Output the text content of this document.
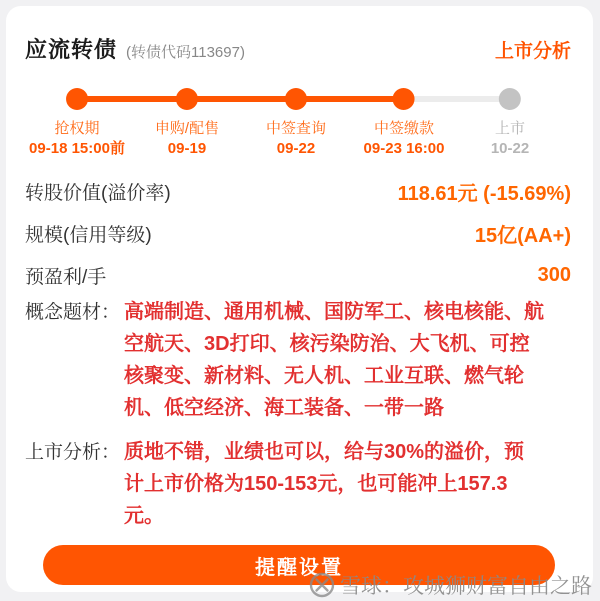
应流转债 (转债代码113697)	上市分析
抢权期
09-18 15:00前
申购/配售
09-19
中签查询
09-22
中签缴款
09-23 16:00
上市
10-22
转股价值(溢价率)	118.61元 (-15.69%)
规模(信用等级)	15亿(AA+)
预盈利/手	300
概念题材： 高端制造、通用机械、国防军工、核电核能、航空航天、3D打印、核污染防治、大飞机、可控核聚变、新材料、无人机、工业互联、燃气轮机、低空经济、海工装备、一带一路
上市分析： 质地不错，业绩也可以，给与30%的溢价，预计上市价格为150-153元，也可能冲上157.3元。
提醒设置
雪球：攻城狮财富自由之路
